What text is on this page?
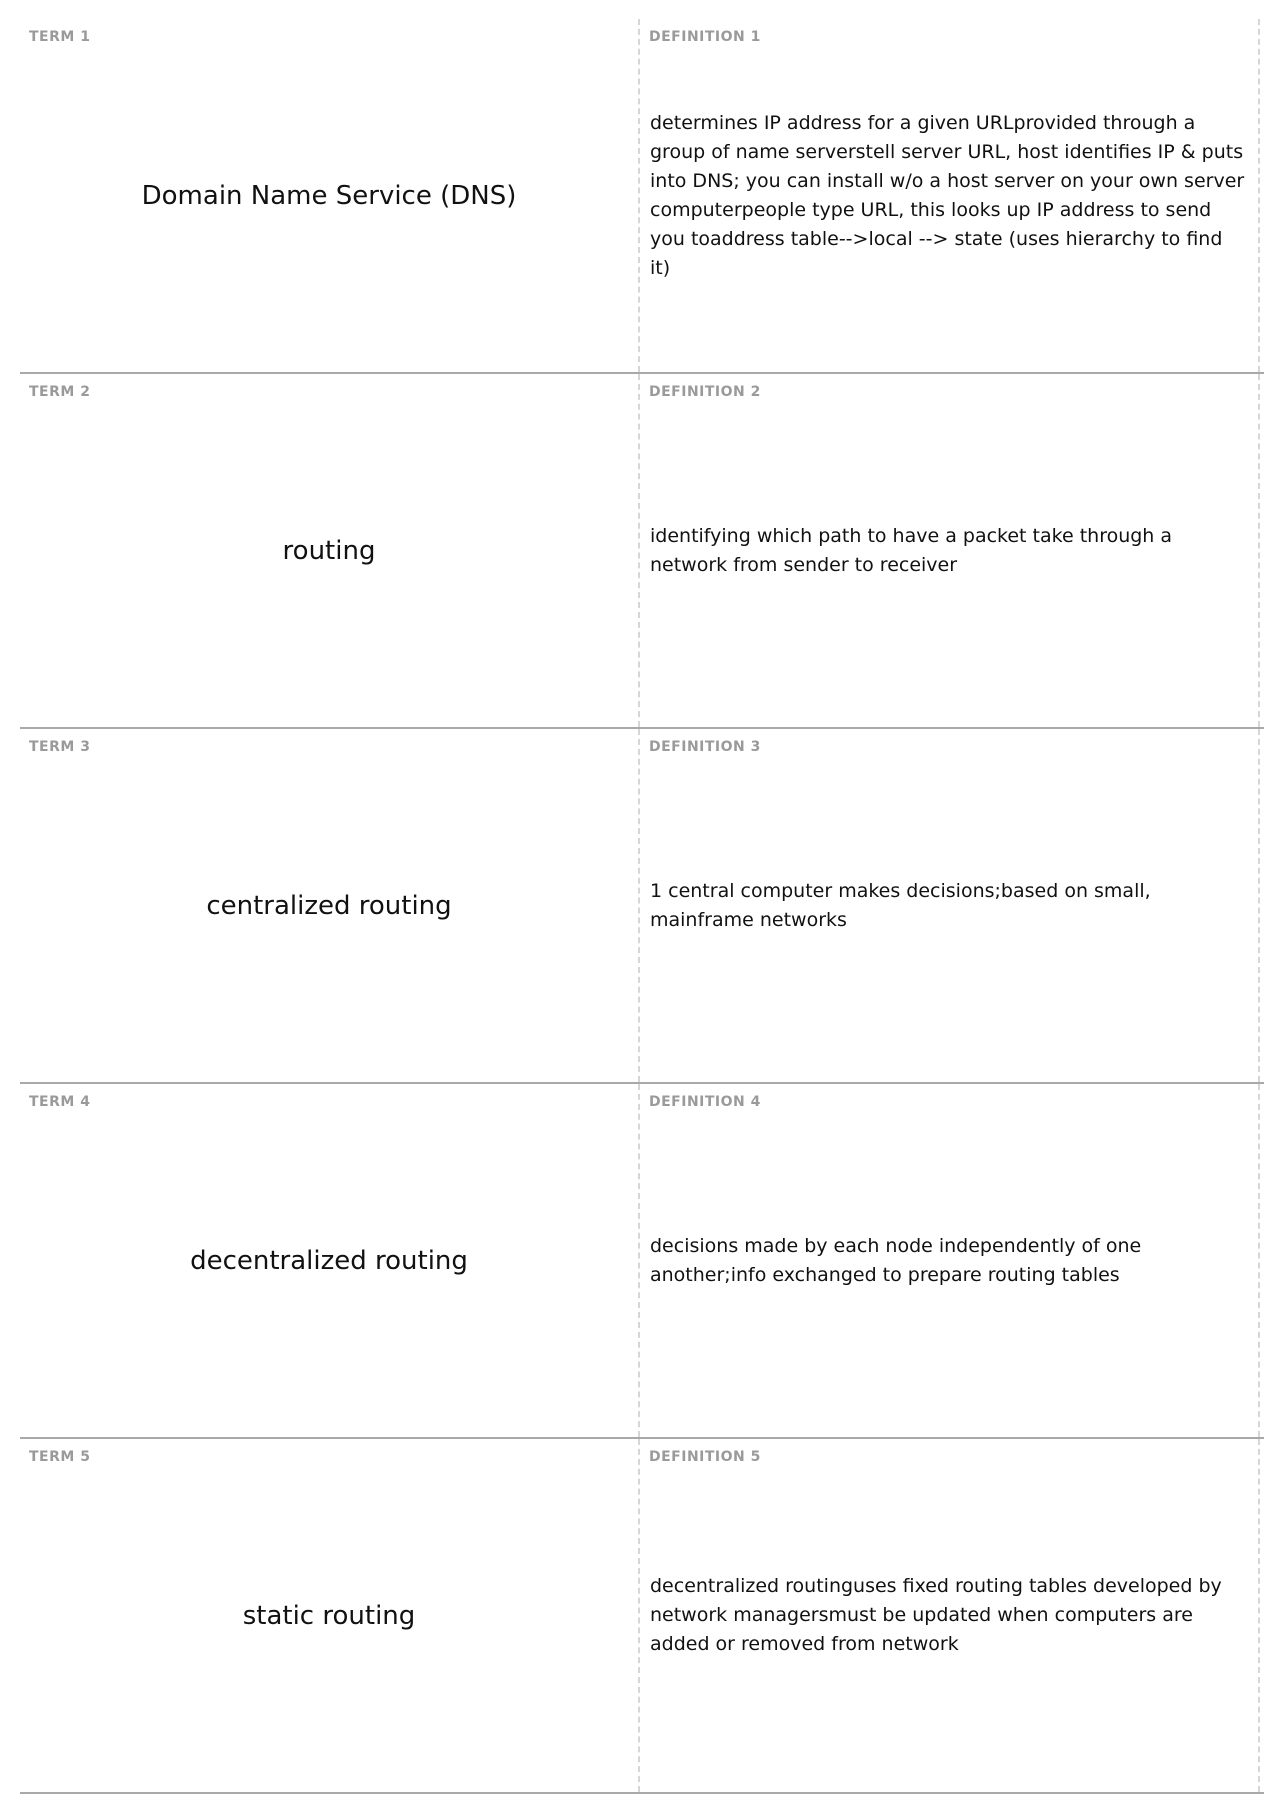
TERM 1
Domain Name Service (DNS)
DEFINITION 1
determines IP address for a given URLprovided through a group of name serverstell server URL, host identifies IP & puts into DNS; you can install w/o a host server on your own server computerpeople type URL, this looks up IP address to send you toaddress table-->local --> state (uses hierarchy to find it)
TERM 2
routing
DEFINITION 2
identifying which path to have a packet take through a network from sender to receiver
TERM 3
centralized routing
DEFINITION 3
1 central computer makes decisions;based on small, mainframe networks
TERM 4
decentralized routing
DEFINITION 4
decisions made by each node independently of one another;info exchanged to prepare routing tables
TERM 5
static routing
DEFINITION 5
decentralized routinguses fixed routing tables developed by network managersmust be updated when computers are added or removed from network
